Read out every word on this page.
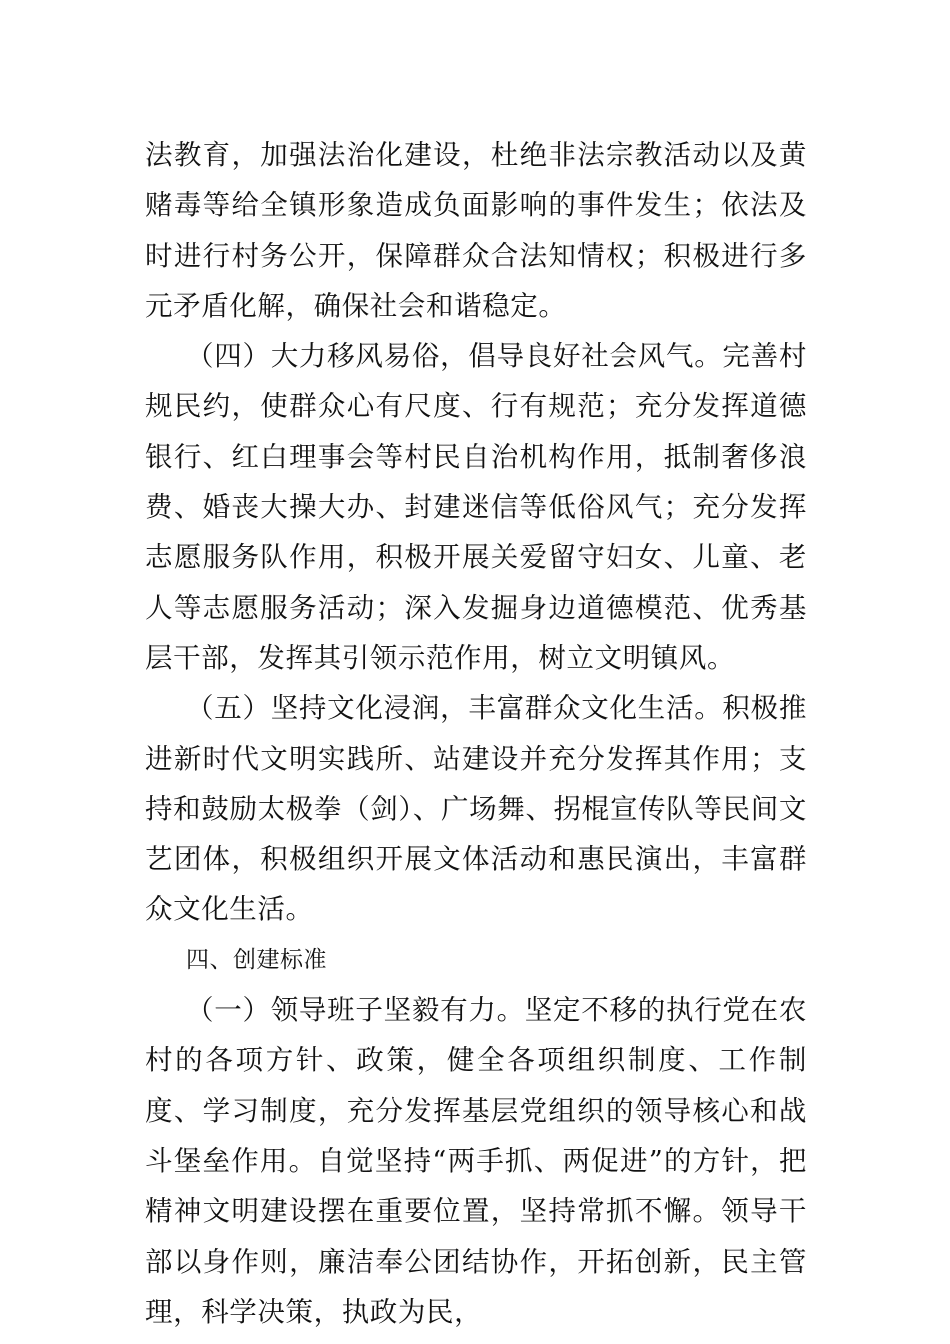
法教育，加强法治化建设，杜绝非法宗教活动以及黄赌毒等给全镇形象造成负面影响的事件发生；依法及时进行村务公开，保障群众合法知情权；积极进行多元矛盾化解，确保社会和谐稳定。

（四）大力移风易俗，倡导良好社会风气。完善村规民约，使群众心有尺度、行有规范；充分发挥道德银行、红白理事会等村民自治机构作用，抵制奢侈浪费、婚丧大操大办、封建迷信等低俗风气；充分发挥志愿服务队作用，积极开展关爱留守妇女、儿童、老人等志愿服务活动；深入发掘身边道德模范、优秀基层干部，发挥其引领示范作用，树立文明镇风。

（五）坚持文化浸润，丰富群众文化生活。积极推进新时代文明实践所、站建设并充分发挥其作用；支持和鼓励太极拳（剑）、广场舞、拐棍宣传队等民间文艺团体，积极组织开展文体活动和惠民演出，丰富群众文化生活。

四、创建标准

（一）领导班子坚毅有力。坚定不移的执行党在农村的各项方针、政策，健全各项组织制度、工作制度、学习制度，充分发挥基层党组织的领导核心和战斗堡垒作用。自觉坚持“两手抓、两促进”的方针，把精神文明建设摆在重要位置，坚持常抓不懈。领导干部以身作则，廉洁奉公团结协作，开拓创新，民主管理，科学决策，执政为民，
